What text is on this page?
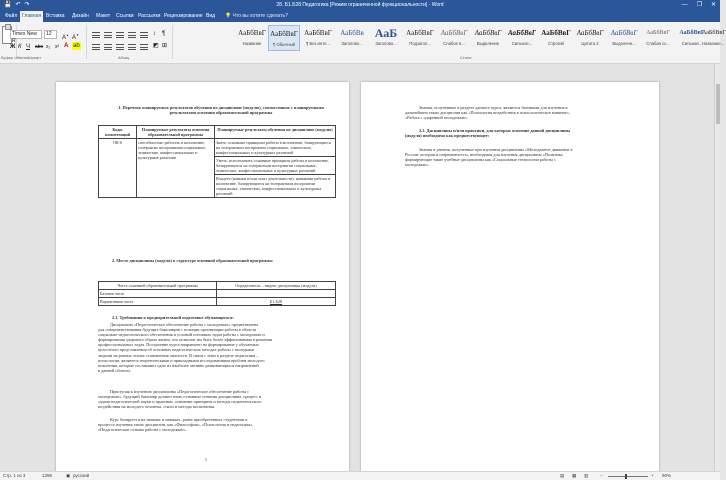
💾 ↶ ↷	28. Б1.Б28 Педагогика [Режим ограниченной функциональности] - Word	— ❐ ✕
Файл Главная Вставка	Дизайн	Макет	Ссылки Рассылки Рецензирование Вид	💡 Что вы хотите сделать?
Times New R
12
Ж К Ч abc x₂ x² A ab
A▲ A▼
Шрифт
Буфер обмена
↕ ¶
◩ ⊞
Абзац
АаБбВвГ
Название
АаБбВвГ
¶ Обычный
АаБбВвГ
¶ Без инте...
АаБбВв
Заголово...
АаБ
Заголово...
АаБбВвГ
Подзагол...
АаБбВвГ
Слабое в...
АаБбВвГ
Выделение
АаБбВвГ
Сильное...
АаБбВвГ
Строгий
АаБбВвГ
Цитата 2
АаБбВвГ
Выделенн...
АаБбВвГ
Слабая сс...
АаБбВвГ
Сильная...
АаБбВвГ
Название...
Стили
1. Перечень планируемых результатов обучения по дисциплине (модулю), соотнесенных с планируемыми результатами освоения образовательной программы
Коды компетенций	Планируемые результаты освоения образовательной программы	Планируемые результаты обучения по дисциплине (модулю)
ОК-6	способностью работать в коллективе, толерантно воспринимая социальные, этнические, конфессиональные и культурные различия	Знать: основные принципы работы в коллективе, базирующиеся на толерантном восприятии социальных, этнических, конфессиональных и культурных различий
		Уметь: использовать основные принципы работы в коллективе, базирующиеся на толерантном восприятии социальных, этнических, конфессиональных и культурных различий
		Владеть (навыки и/или опыт деятельности): навыками работы в коллективе, базирующиеся на толерантном восприятии социальных, этнических, конфессиональных и культурных различий
2. Место дисциплины (модуля) в структуре основной образовательной программы
Часть основной образовательной программы	Определитель – индекс дисциплины (модуля)
Базовая часть	
Вариативная часть	Б1.Б28
2.1. Требования к предварительной подготовке обучающегося:
Дисциплина «Педагогическое обеспечение работы с молодежью» предназначена
для совершенствования будущих бакалавров с позиции организации работы в области
социально-педагогического обеспечения и условий основных задач работы с молодежью и
формирования здорового образа жизни, что позволит им быть более эффективными в решении
профессиональных задач. Построение курса направлено на формирование у обучаемых
целостного представления об основных педагогических методах работы с молодыми
людьми на разных этапах становления личности. В связи с этим в разделе педагогики –
психологии, являются теоретическими и прикладными исследованиями проблем молодого
поколения, которые составляют одно из наиболее активно развивающихся направлений
в данной области.
Приступая к изучению дисциплины «Педагогическое обеспечение работы с
молодежью», будущий бакалавр должен знать основные понятия дисциплины, процесс и
задачи педагогической науки и практики, основные принципы и методы педагогического
воздействия на молодого человека, стили и методы воспитания.
Курс базируется на знаниях и навыках, ранее приобретенных студентами в
процессе изучения таких дисциплин, как «Философия», «Психология и педагогика»,
«Педагогические основы работы с молодежью».
1
Знания, полученные в разделе данного курса, являются базовыми для изучения в
дальнейшем таких дисциплин как «Психология воздействия в психологическое влияние»,
«Работа с одаренной молодежью».
2.2. Дисциплины и/или практики, для которых освоение данной дисциплины
(модуля) необходимо как предшествующее:
Знания и умения, полученные при изучении дисциплины «Молодежное движение в
России: история и современность» необходимы для изучения дисциплины «Политика,
формирующие такие учебные дисциплины как «Социальные технологии работы с
молодежью».
Стр. 1 из 3	1396	▣ русский	▤ ▦ ▥	−	+ 90%
